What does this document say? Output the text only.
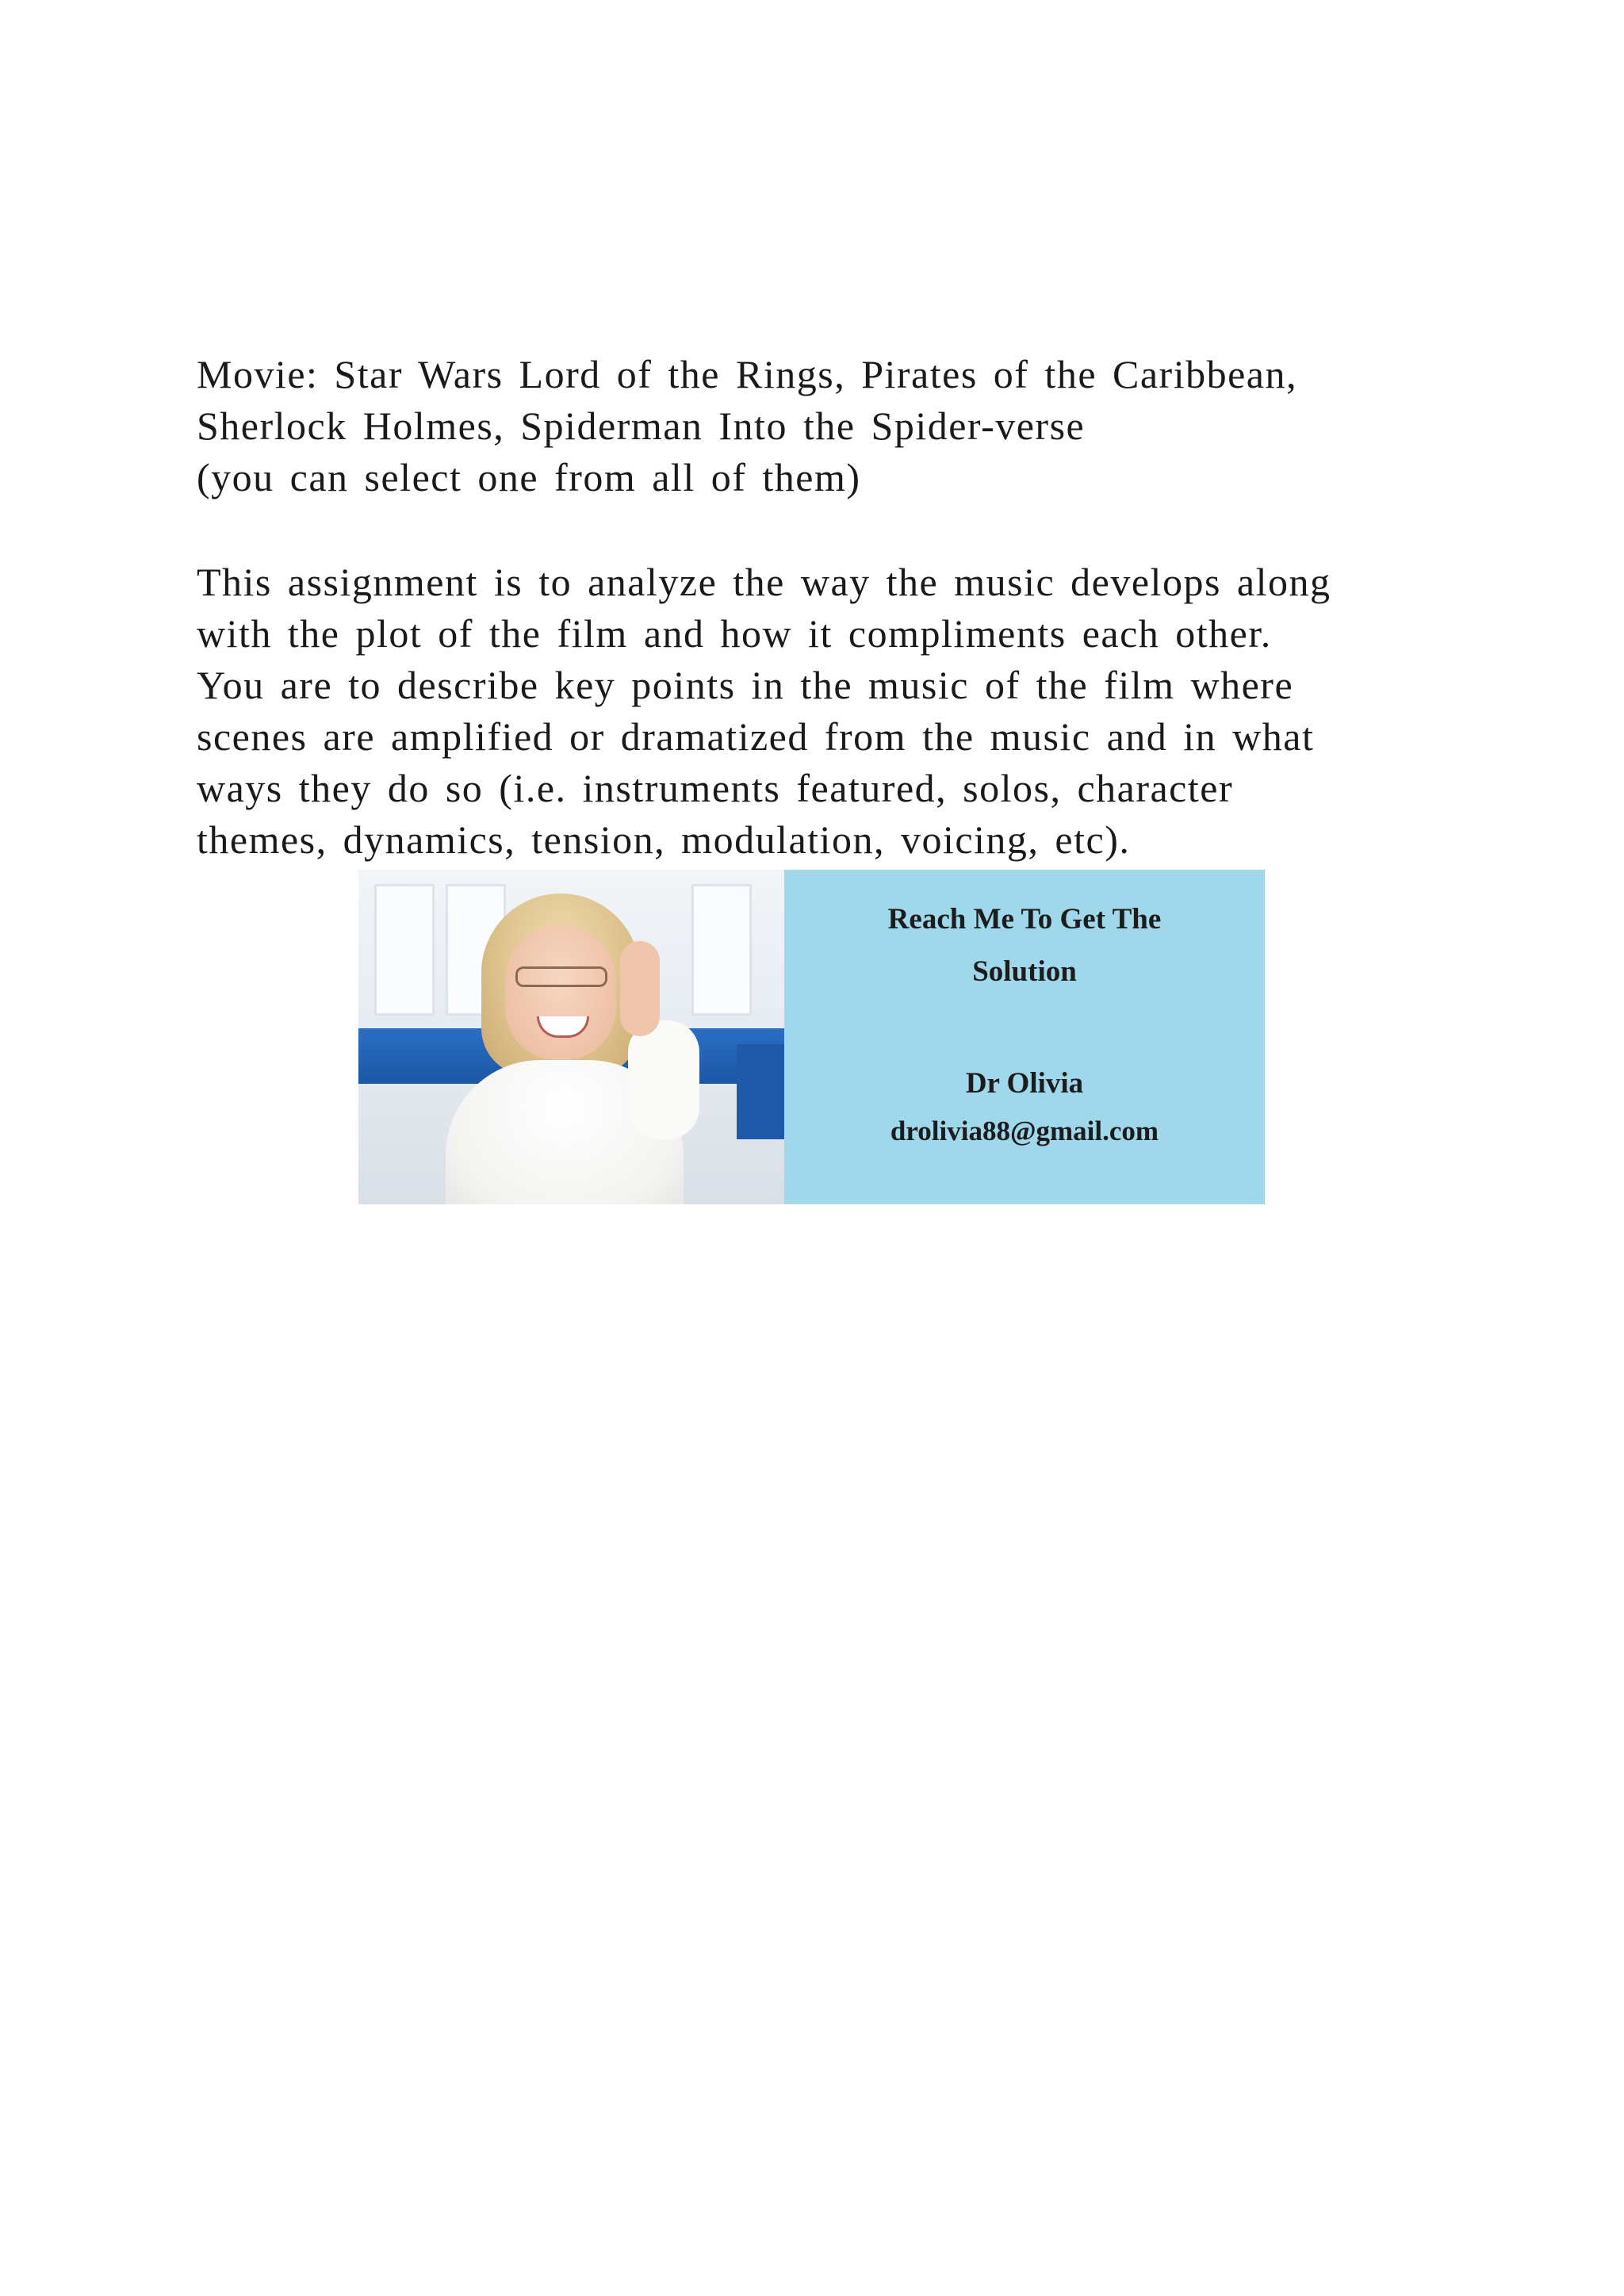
Movie: Star Wars Lord of the Rings, Pirates of the Caribbean,

Sherlock Holmes, Spiderman Into the Spider-verse

(you can select one from all of them)

This assignment is to analyze the way the music develops along

with the plot of the film and how it compliments each other.

You are to describe key points in the music of the film where

scenes are amplified or dramatized from the music and in what

ways they do so (i.e. instruments featured, solos, character

themes, dynamics, tension, modulation, voicing, etc).

Reach Me To Get The
Solution
Dr Olivia
drolivia88@gmail.com
